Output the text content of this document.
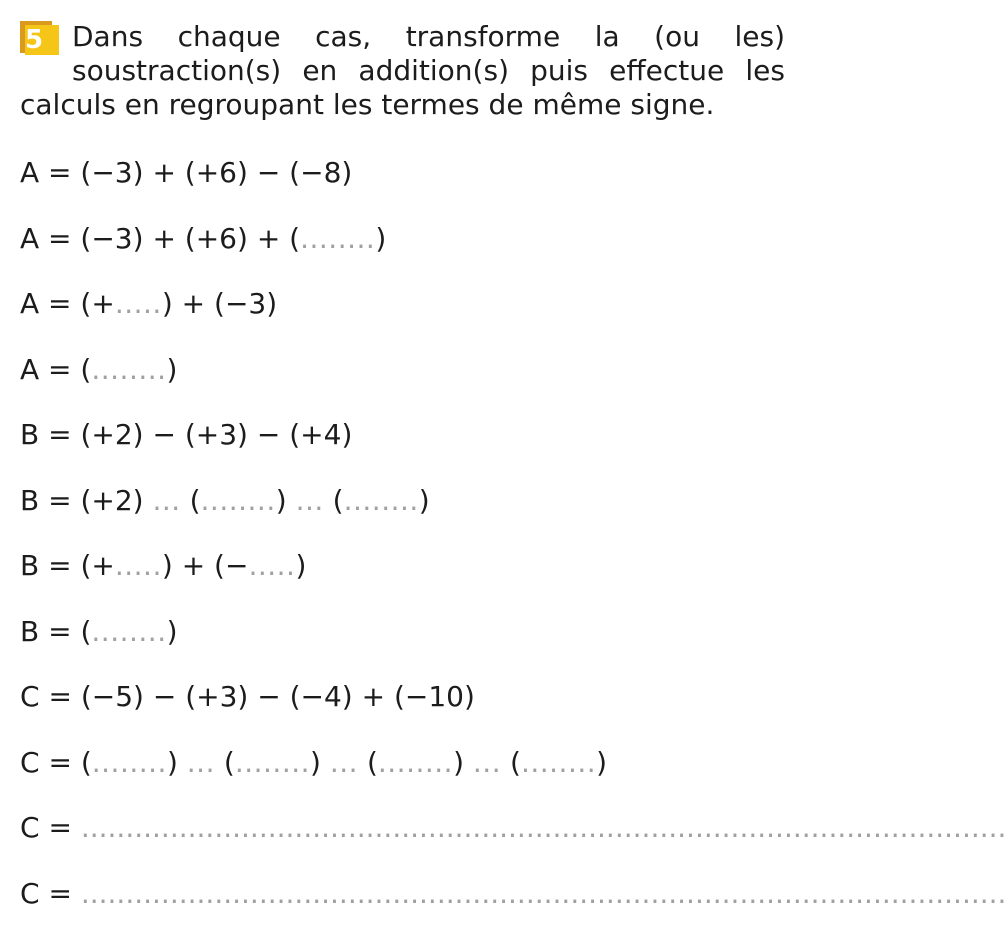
5	Dans chaque cas, transforme la (ou les) soustraction(s) en addition(s) puis effectue les calculs en regroupant les termes de même signe.
A = (−3) + (+6) − (−8)
A = (−3) + (+6) + (........)
A = (+.....) + (−3)
A = (........)
B = (+2) − (+3) − (+4)
B = (+2) ... (........) ... (........)
B = (+.....) + (−.....)
B = (........)
C = (−5) − (+3) − (−4) + (−10)
C = (........) ... (........) ... (........) ... (........)
C = ........................................................................................................
C = ........................................................................................................
